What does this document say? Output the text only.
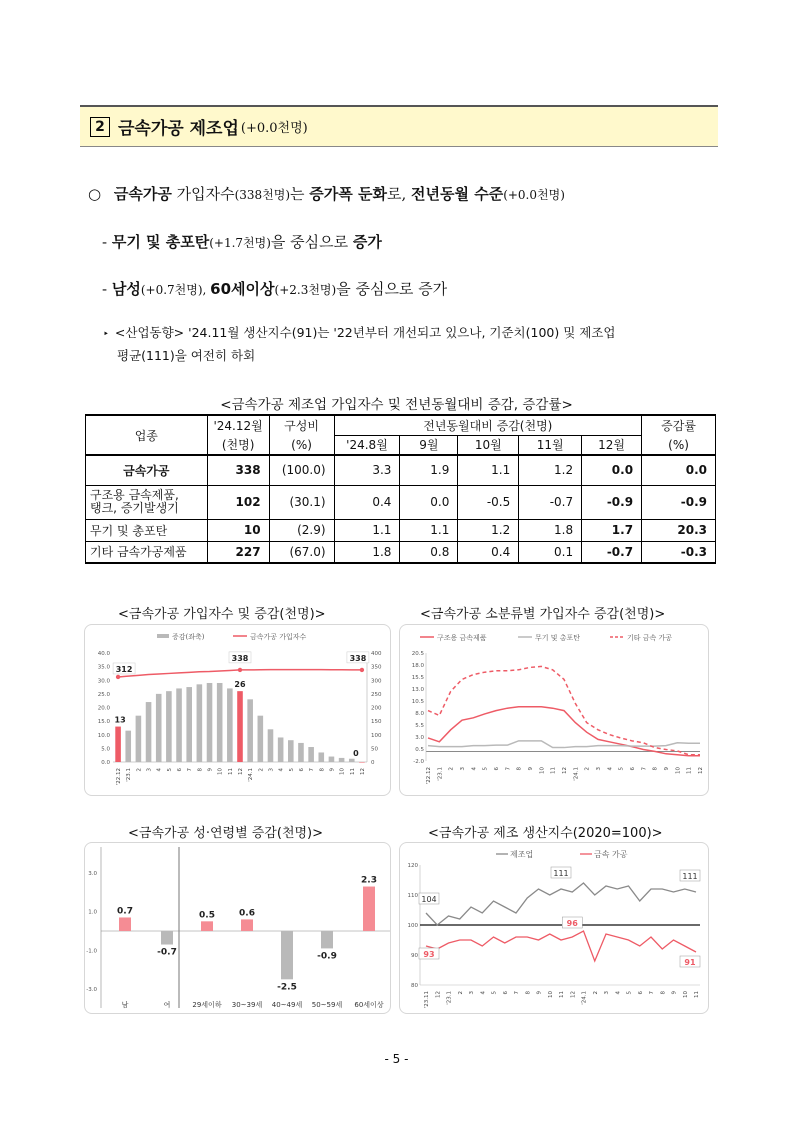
2 금속가공 제조업 (+0.0천명)
○ 금속가공 가입자수(338천명)는 증가폭 둔화로, 전년동월 수준(+0.0천명)
- 무기 및 총포탄(+1.7천명)을 중심으로 증가
- 남성(+0.7천명), 60세이상(+2.3천명)을 중심으로 증가
‣ <산업동향> '24.11월 생산지수(91)는 '22년부터 개선되고 있으나, 기준치(100) 및 제조업
평균(111)을 여전히 하회
<금속가공 제조업 가입자수 및 전년동월대비 증감, 증감률>
업종	'24.12월	구성비	전년동월대비 증감(천명)					증감률
	(천명)	(%)	'24.8월	9월	10월	11월	12월	(%)
금속가공	338	(100.0)	3.3	1.9	1.1	1.2	0.0	0.0
구조용 금속제품,
탱크, 증기발생기	102	(30.1)	0.4	0.0	-0.5	-0.7	-0.9	-0.9
무기 및 총포탄	10	(2.9)	1.1	1.1	1.2	1.8	1.7	20.3
기타 금속가공제품	227	(67.0)	1.8	0.8	0.4	0.1	-0.7	-0.3
<금속가공 가입자수 및 증감(천명)>	<금속가공 소분류별 가입자수 증감(천명)>
<금속가공 성·연령별 증감(천명)>	<금속가공 제조 생산지수(2020=100)>
증감(좌축)	금속가공 가입자수
40.0
35.0
30.0
25.0
20.0
15.0
10.0
5.0
0.0
400
350
300
250
200
150
100
50
0
'22.12 '23.1 2 3 4 5 6 7 8 9 10 11 12 '24.1 2 3 4 5 6 7 8 9 10 11 12
312
338	338
13
26
0
구조용 금속제품	무기 및 총포탄	기타 금속 가공
20.5
18.0
15.5
13.0
10.5
8.0
5.5
3.0
0.5
-2.0
'22.12 '23.1 2 3 4 5 6 7 8 9 10 11 12 '24.1 2 3 4 5 6 7 8 9 10 11 12
3.0
1.0
-1.0
-3.0
0.7
남
-0.7
여
0.5
29세이하
0.6
30~39세
-2.5
40~49세
-0.9
50~59세
2.3
60세이상
제조업	금속 가공
120
110
100
90
80
'23.11 12 '23.1 2 3 4 5 6 7 8 9 10 11 12 '24.1 2 3 4 5 6 7 8 9 10 11
104
111	111
93
96
91
- 5 -
